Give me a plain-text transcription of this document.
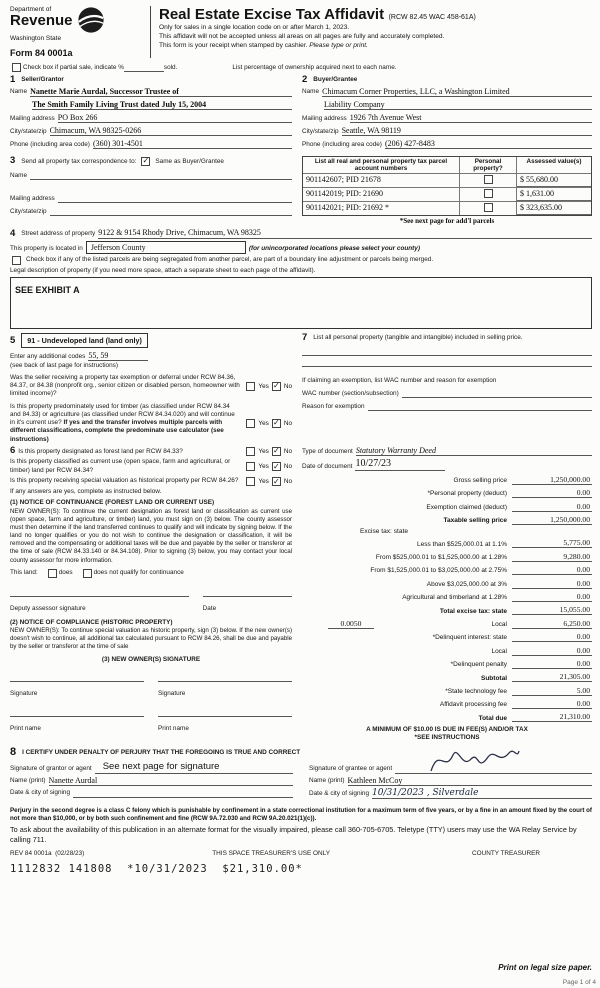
Department of
Revenue
Washington State
Form 84 0001a
Real Estate Excise Tax Affidavit (RCW 82.45 WAC 458-61A)
Only for sales in a single location code on or after March 1, 2023.
This affidavit will not be accepted unless all areas on all pages are fully and accurately completed.
This form is your receipt when stamped by cashier. Please type or print.
Check box if partial sale, indicate %	sold.	List percentage of ownership acquired next to each name.
1 Seller/Grantor
Name Nanette Marie Aurdal, Successor Trustee of
The Smith Family Living Trust dated July 15, 2004
Mailing address PO Box 266
City/state/zip Chimacum, WA 98325-0266
Phone (including area code) (360) 301-4501
2 Buyer/Grantee
Name Chimacum Corner Properties, LLC, a Washington Limited
Liability Company
Mailing address 1926 7th Avenue West
City/state/zip Seattle, WA 98119
Phone (including area code) (206) 427-8483
3 Send all property tax correspondence to: ✓ Same as Buyer/Grantee
Name
Mailing address
City/state/zip
List all real and personal property tax parcel account numbers
Personal property?
Assessed value(s)
901142607; PID 21678	$ 55,680.00
901142019; PID: 21690	$ 1,631.00
901142021; PID: 21692 *	$ 323,635.00
*See next page for add'l parcels
4 Street address of property 9122 & 9154 Rhody Drive, Chimacum, WA 98325
This property is located in	Jefferson County	(for unincorporated locations please select your county)
Check box if any of the listed parcels are being segregated from another parcel, are part of a boundary line adjustment or parcels being merged.
Legal description of property (if you need more space, attach a separate sheet to each page of the affidavit).
SEE EXHIBIT A
5	91 - Undeveloped land (land only)
Enter any additional codes 55, 59
(see back of last page for instructions)
Was the seller receiving a property tax exemption or deferral under RCW 84.36, 84.37, or 84.38 (nonprofit org., senior citizen or disabled person, homeowner with limited income)?
Yes ✓ No
Is this property predominately used for timber (as classified under RCW 84.34 and 84.33) or agriculture (as classified under RCW 84.34.020) and will continue in it's current use? If yes and the transfer involves multiple parcels with different classifications, complete the predominate use calculator (see instructions)
Yes ✓ No
7 List all personal property (tangible and intangible) included in selling price.
If claiming an exemption, list WAC number and reason for exemption
WAC number (section/subsection)
Reason for exemption
6 Is this property designated as forest land per RCW 84.33?	Yes ✓ No
Is this property classified as current use (open space, farm and agricultural, or timber) land per RCW 84.34?	Yes ✓ No
Is this property receiving special valuation as historical property per RCW 84.26?	Yes ✓ No
If any answers are yes, complete as instructed below.
(1) NOTICE OF CONTINUANCE (FOREST LAND OR CURRENT USE)
NEW OWNER(S): To continue the current designation as forest land or classification as current use (open space, farm and agriculture, or timber) land, you must sign on (3) below. The county assessor must then determine if the land transferred continues to qualify and will indicate by signing below. If the land no longer qualifies or you do not wish to continue the designation or classification, it will be removed and the compensating or additional taxes will be due and payable by the seller or transferor at the time of sale (RCW 84.33.140 or 84.34.108). Prior to signing (3) below, you may contact your local county assessor for more information.
This land:	does	does not qualify for continuance
Deputy assessor signature	Date
(2) NOTICE OF COMPLIANCE (HISTORIC PROPERTY)
NEW OWNER(S): To continue special valuation as historic property, sign (3) below. If the new owner(s) doesn't wish to continue, all additional tax calculated pursuant to RCW 84.26, shall be due and payable by the seller or transferor at the time of sale
(3) NEW OWNER(S) SIGNATURE
Signature	Signature
Print name	Print name
Type of document Statutory Warranty Deed
Date of document 10/27/23
Gross selling price	1,250,000.00
*Personal property (deduct)	0.00
Exemption claimed (deduct)	0.00
Taxable selling price	1,250,000.00
Excise tax: state
Less than $525,000.01 at 1.1%	5,775.00
From $525,000.01 to $1,525,000.00 at 1.28%	9,280.00
From $1,525,000.01 to $3,025,000.00 at 2.75%	0.00
Above $3,025,000.00 at 3%	0.00
Agricultural and timberland at 1.28%	0.00
Total excise tax: state	15,055.00
0.0050	Local	6,250.00
*Delinquent interest: state	0.00
Local	0.00
*Delinquent penalty	0.00
Subtotal	21,305.00
*State technology fee	5.00
Affidavit processing fee	0.00
Total due	21,310.00
A MINIMUM OF $10.00 IS DUE IN FEE(S) AND/OR TAX
*SEE INSTRUCTIONS
8 I CERTIFY UNDER PENALTY OF PERJURY THAT THE FOREGOING IS TRUE AND CORRECT
Signature of grantor or agent See next page for signature
Name (print) Nanette Aurdal
Date & city of signing
Signature of grantee or agent
Name (print) Kathleen McCoy
Date & city of signing 10/31/2023 , Silverdale
Perjury in the second degree is a class C felony which is punishable by confinement in a state correctional institution for a maximum term of five years, or by a fine in an amount fixed by the court of not more than $10,000, or by both such confinement and fine (RCW 9A.72.030 and RCW 9A.20.021(1)(c)).
To ask about the availability of this publication in an alternate format for the visually impaired, please call 360-705-6705. Teletype (TTY) users may use the WA Relay Service by calling 711.
REV 84 0001a  (02/28/23)	THIS SPACE TREASURER'S USE ONLY	COUNTY TREASURER
1112832 141808  *10/31/2023  $21,310.00*
Print on legal size paper.
Page 1 of 4
